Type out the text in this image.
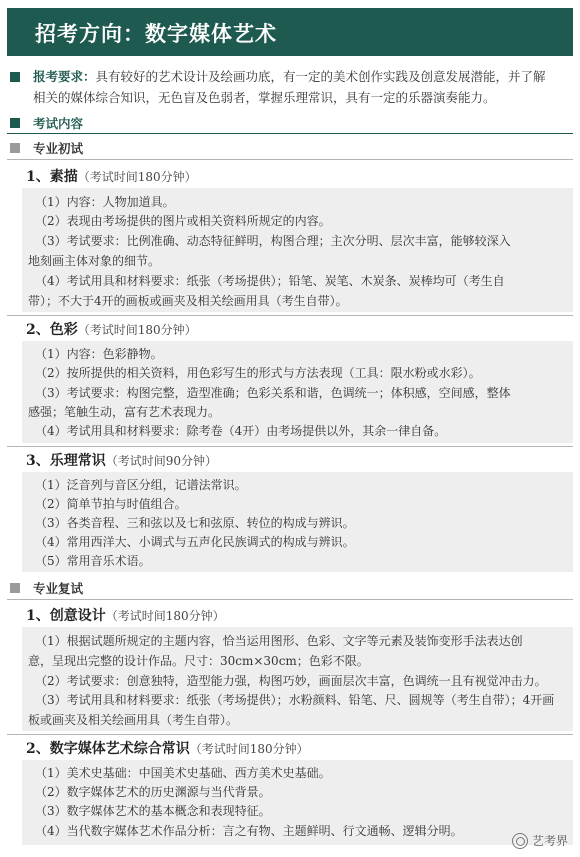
招考方向：数字媒体艺术
报考要求：具有较好的艺术设计及绘画功底，有一定的美术创作实践及创意发展潜能，并了解
相关的媒体综合知识，无色盲及色弱者，掌握乐理常识，具有一定的乐器演奏能力。
考试内容
专业初试
1、素描（考试时间180分钟）

（1）内容：人物加道具。

（2）表现由考场提供的图片或相关资料所规定的内容。

（3）考试要求：比例准确、动态特征鲜明，构图合理；主次分明、层次丰富，能够较深入

地刻画主体对象的细节。

（4）考试用具和材料要求：纸张（考场提供）；铅笔、炭笔、木炭条、炭棒均可（考生自

带）；不大于4开的画板或画夹及相关绘画用具（考生自带）。

2、色彩（考试时间180分钟）

（1）内容：色彩静物。

（2）按所提供的相关资料，用色彩写生的形式与方法表现（工具：限水粉或水彩）。

（3）考试要求：构图完整，造型准确；色彩关系和谐，色调统一；体积感，空间感，整体

感强；笔触生动，富有艺术表现力。

（4）考试用具和材料要求：除考卷（4开）由考场提供以外，其余一律自备。

3、乐理常识（考试时间90分钟）

（1）泛音列与音区分组，记谱法常识。

（2）简单节拍与时值组合。

（3）各类音程、三和弦以及七和弦原、转位的构成与辨识。

（4）常用西洋大、小调式与五声化民族调式的构成与辨识。

（5）常用音乐术语。

专业复试
1、创意设计（考试时间180分钟）

（1）根据试题所规定的主题内容，恰当运用图形、色彩、文字等元素及装饰变形手法表达创

意，呈现出完整的设计作品。尺寸：30cm×30cm；色彩不限。

（2）考试要求：创意独特，造型能力强，构图巧妙，画面层次丰富，色调统一且有视觉冲击力。

（3）考试用具和材料要求：纸张（考场提供）；水粉颜料、铅笔、尺、圆规等（考生自带）；4开画

板或画夹及相关绘画用具（考生自带）。

2、数字媒体艺术综合常识（考试时间180分钟）

（1）美术史基础：中国美术史基础、西方美术史基础。

（2）数字媒体艺术的历史渊源与当代背景。

（3）数字媒体艺术的基本概念和表现特征。

（4）当代数字媒体艺术作品分析：言之有物、主题鲜明、行文通畅、逻辑分明。

艺考界
